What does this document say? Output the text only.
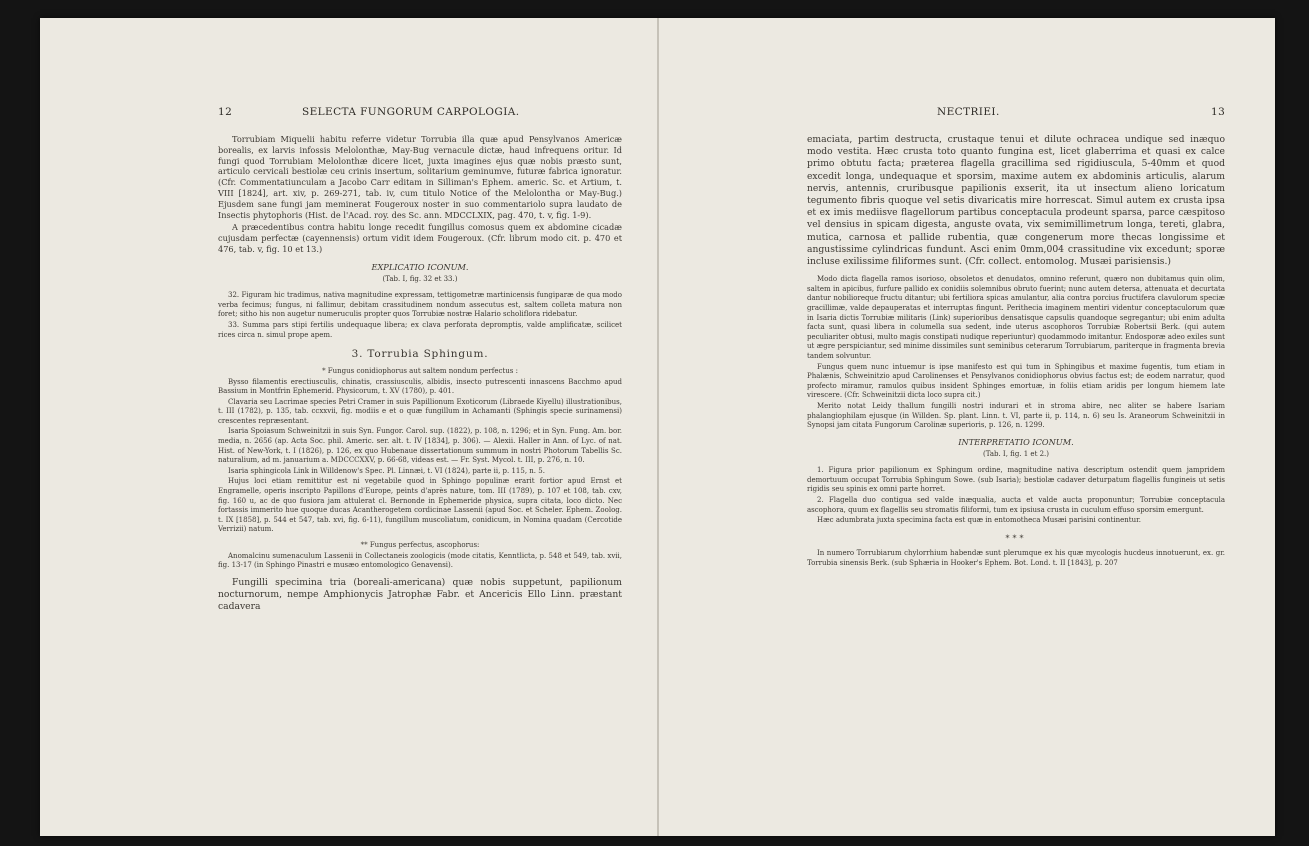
12	SELECTA FUNGORUM CARPOLOGIA.

Torrubiam Miquelii habitu referre videtur Torrubia illa quæ apud Pensylvanos Americæ borealis, ex larvis infossis Melolonthæ, May-Bug vernacule dictæ, haud infrequens oritur. Id fungi quod Torrubiam Melolonthæ dicere licet, juxta imagines ejus quæ nobis præsto sunt, articulo cervicali bestiolæ ceu crinis insertum, solitarium geminumve, futuræ fabrica ignoratur. (Cfr. Commentatiunculam a Jacobo Carr editam in Silliman's Ephem. americ. Sc. et Artium, t. VIII [1824], art. xiv, p. 269-271, tab. iv, cum titulo Notice of the Melolontha or May-Bug.) Ejusdem sane fungi jam meminerat Fougeroux noster in suo commentariolo supra laudato de Insectis phytophoris (Hist. de l'Acad. roy. des Sc. ann. MDCCLXIX, pag. 470, t. v, fig. 1-9).

A præcedentibus contra habitu longe recedit fungillus comosus quem ex abdomine cicadæ cujusdam perfectæ (cayennensis) ortum vidit idem Fougeroux. (Cfr. librum modo cit. p. 470 et 476, tab. v, fig. 10 et 13.)

EXPLICATIO ICONUM.

(Tab. I, fig. 32 et 33.)

32. Figuram hic tradimus, nativa magnitudine expressam, tettigometræ martinicensis fungiparæ de qua modo verba fecimus; fungus, ni fallimur, debitam crassitudinem nondum assecutus est, saltem colleta matura non foret; sitho his non augetur numeruculis propter quos Torrubiæ nostræ Halario scholiflora ridebatur.

33. Summa pars stipi fertilis undequaque libera; ex clava perforata depromptis, valde amplificatæ, scilicet rices circa n. simul prope apem.

3. Torrubia Sphingum.

* Fungus conidiophorus aut saltem nondum perfectus :

Bysso filamentis erectiusculis, chinatis, crassiusculis, albidis, insecto putrescenti innascens Bacchmo apud Bassium in Montfrin Ephemerid. Physicorum, t. XV (1780), p. 401.

Clavaria seu Lacrimae species Petri Cramer in suis Papillionum Exoticorum (Libraede Kiyellu) illustrationibus, t. III (1782), p. 135, tab. ccxxvii, fig. modiis e et o quæ fungillum in Achamanti (Sphingis specie surinamensi) crescentes repræsentant.

Isaria Spoiasum Schweinitzii in suis Syn. Fungor. Carol. sup. (1822), p. 108, n. 1296; et in Syn. Fung. Am. bor. media, n. 2656 (ap. Acta Soc. phil. Americ. ser. alt. t. IV [1834], p. 306). — Alexii. Haller in Ann. of Lyc. of nat. Hist. of New-York, t. I (1826), p. 126, ex quo Hubenaue dissertationum summum in nostri Photorum Tabellis Sc. naturalium, ad m. januarium a. MDCCCXXV, p. 66-68, videas est. — Fr. Syst. Mycol. t. III, p. 276, n. 10.

Isaria sphingicola Link in Willdenow's Spec. Pl. Linnæi, t. VI (1824), parte ii, p. 115, n. 5.

Hujus loci etiam remittitur est ni vegetabile quod in Sphingo populinæ erarit fortior apud Ernst et Engramelle, operis inscripto Papillons d'Europe, peints d'après nature, tom. III (1789), p. 107 et 108, tab. cxv, fig. 160 u, ac de quo fusiora jam attulerat cl. Bernonde in Ephemeride physica, supra citata, loco dicto. Nec fortassis immerito hue quoque ducas Acantherogetem cordicinae Lassenii (apud Soc. et Scheler. Ephem. Zoolog. t. IX [1858], p. 544 et 547, tab. xvi, fig. 6-11), fungillum muscoliatum, conidicum, in Nomina quadam (Cercotide Verrizii) natum.

** Fungus perfectus, ascophorus:

Anomalcinu sumenaculum Lassenii in Collectaneis zoologicis (mode citatis, Kenntlicta, p. 548 et 549, tab. xvii, fig. 13-17 (in Sphingo Pinastri e musæo entomologico Genavensi).

Fungilli specimina tria (boreali-americana) quæ nobis suppetunt, papilionum nocturnorum, nempe Amphionycis Jatrophæ Fabr. et Ancericis Ello Linn. præstant cadavera

NECTRIEI.	13

emaciata, partim destructa, crustaque tenui et dilute ochracea undique sed inæquo modo vestita. Hæc crusta toto quanto fungina est, licet glaberrima et quasi ex calce primo obtutu facta; præterea flagella gracillima sed rigidiuscula, 5-40mm et quod excedit longa, undequaque et sporsim, maxime autem ex abdominis articulis, alarum nervis, antennis, cruribusque papilionis exserit, ita ut insectum alieno loricatum tegumento fibris quoque vel setis divaricatis mire horrescat. Simul autem ex crusta ipsa et ex imis mediisve flagellorum partibus conceptacula prodeunt sparsa, parce cæspitoso vel densius in spicam digesta, anguste ovata, vix semimillimetrum longa, tereti, glabra, mutica, carnosa et pallide rubentia, quæ congenerum more thecas longissime et angustissime cylindricas fundunt. Asci enim 0mm,004 crassitudine vix excedunt; sporæ incluse exilissime filiformes sunt. (Cfr. collect. entomolog. Musæi parisiensis.)

Modo dicta flagella ramos isorioso, obsoletos et denudatos, omnino referunt, quæro non dubitamus quin olim, saltem in apicibus, furfure pallido ex conidiis solemnibus obruto fuerint; nunc autem detersa, attenuata et decurtata dantur nobilioreque fructu ditantur; ubi fertiliora spicas amulantur, alia contra porcius fructifera clavulorum speciæ gracillimæ, valde depauperatas et interruptas fingunt. Perithecia imaginem mentiri videntur conceptaculorum quæ in Isaria dictis Torrubiæ militaris (Link) superioribus densatisque capsulis quandoque segregantur; ubi enim adulta facta sunt, quasi libera in columella sua sedent, inde uterus ascophoros Torrubiæ Robertsii Berk. (qui autem peculiariter obtusi, multo magis constipati nudique reperiuntur) quodammodo imitantur. Endosporæ adeo exiles sunt ut ægre perspiciantur, sed minime dissimiles sunt seminibus ceterarum Torrubiarum, pariterque in fragmenta brevia tandem solvuntur.

Fungus quem nunc intuemur is ipse manifesto est qui tum in Sphingibus et maxime fugentis, tum etiam in Phalænis, Schweinitzio apud Carolinenses et Pensylvanos conidiophorus obvius factus est; de eodem narratur, quod profecto miramur, ramulos quibus insident Sphinges emortuæ, in foliis etiam aridis per longum hiemem late virescere. (Cfr. Schweinitzii dicta loco supra cit.)

Merito notat Leidy thallum fungilli nostri indurari et in stroma abire, nec aliter se habere Isariam phalangiophilam ejusque (in Willden. Sp. plant. Linn. t. VI, parte ii, p. 114, n. 6) seu Is. Araneorum Schweinitzii in Synopsi jam citata Fungorum Carolinæ superioris, p. 126, n. 1299.

INTERPRETATIO ICONUM.

(Tab. I, fig. 1 et 2.)

1. Figura prior papilionum ex Sphingum ordine, magnitudine nativa descriptum ostendit quem jampridem demortuum occupat Torrubia Sphingum Sowe. (sub Isaria); bestiolæ cadaver deturpatum flagellis fungineis ut setis rigidis seu spinis ex omni parte horret.

2. Flagella duo contigua sed valde inæqualia, aucta et valde aucta proponuntur; Torrubiæ conceptacula ascophora, quum ex flagellis seu stromatis filiformi, tum ex ipsiusa crusta in cuculum effuso sporsim emergunt.

Hæc adumbrata juxta specimina facta est quæ in entomotheca Musæi parisini continentur.

***

In numero Torrubiarum chylorrhium habendæ sunt plerumque ex his quæ mycologis hucdeus innotuerunt, ex. gr. Torrubia sinensis Berk. (sub Sphæria in Hooker's Ephem. Bot. Lond. t. II [1843], p. 207
